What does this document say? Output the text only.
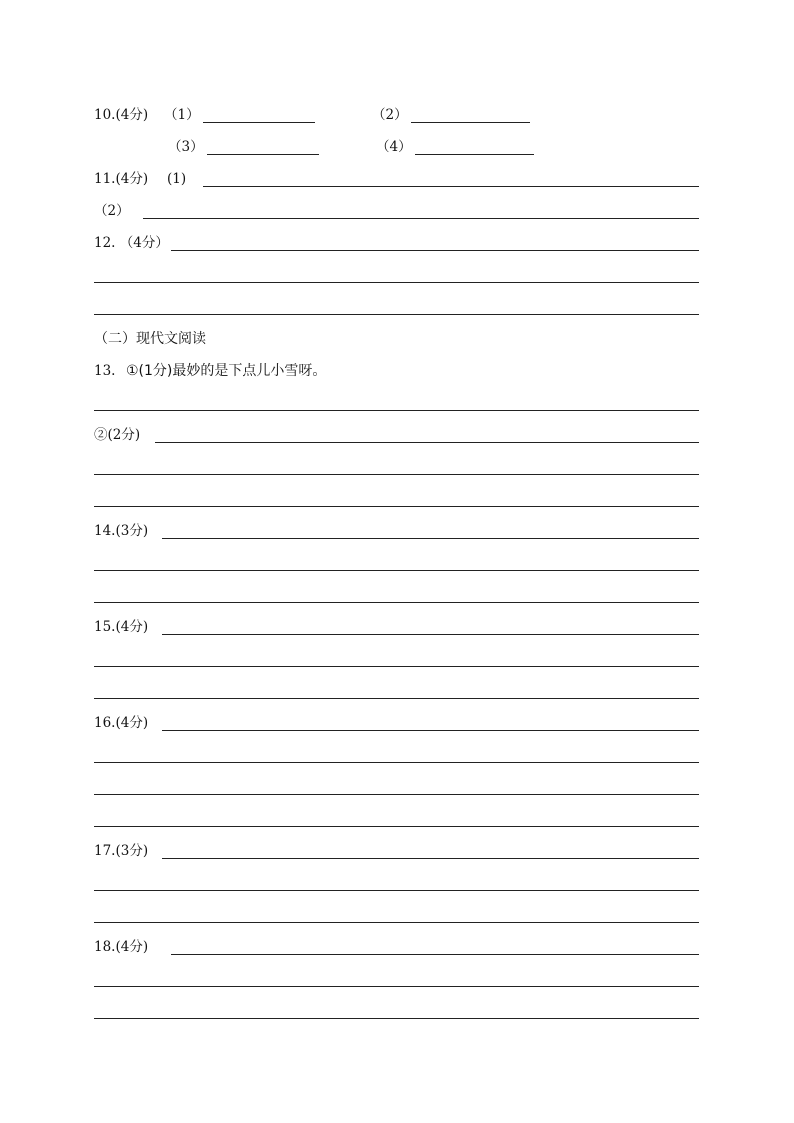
10.(4分) （1）	（2）
（3）	（4）
11.(4分) (1)
（2）
12. （4分）
（二）现代文阅读
13. ①(1分)最妙的是下点儿小雪呀。
②(2分)
14.(3分)
15.(4分)
16.(4分)
17.(3分)
18.(4分)
